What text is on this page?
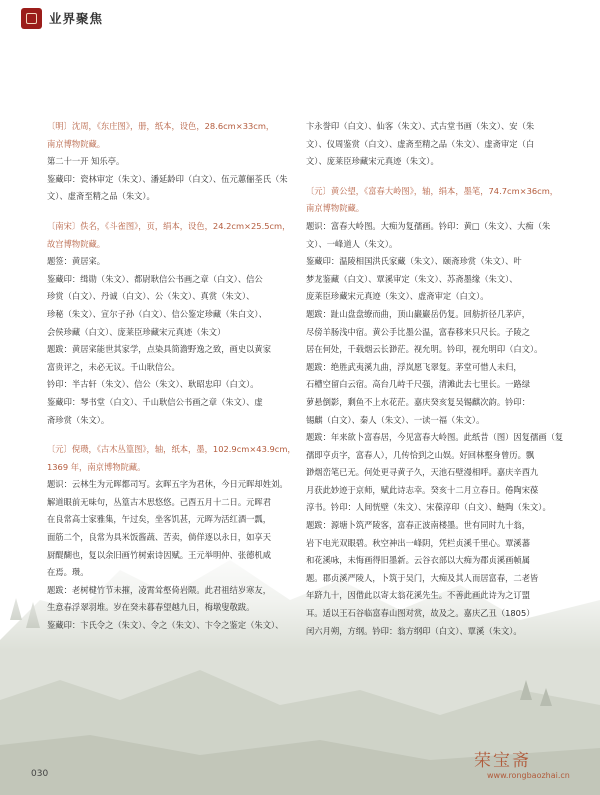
业界聚焦
〔明〕沈周，《东庄图》，册，纸本，设色，28.6cm×33cm，
南京博物院藏。
第二十一开 知乐亭。
鉴藏印：瓷林审定（朱文）、潘延龄印（白文）、伍元蕙俪荃氏（朱
文）、虚斋至精之品（朱文）。
〔南宋〕佚名，《斗雀图》，页，绢本，设色，24.2cm×25.5cm，
故宫博物院藏。
题签：黄居寀。
鉴藏印：缉勋（朱文）、都尉耿信公书画之章（白文）、信公
珍赏（白文）、丹诚（白文）、公（朱文）、真赏（朱文）、
珍秘（朱文）、宣尔子孙（白文）、信公鉴定珍藏（朱白文）、
会侯珍藏（白文）、庞莱臣珍藏宋元真迹（朱文）
题跋：黄居寀能世其家学，点染具简澹野逸之致，画史以黄家
富贵评之，未必无议。千山耿信公。
钤印：半古轩（朱文）、信公（朱文）、耿昭忠印（白文）。
鉴藏印：琴书堂（白文）、千山耿信公书画之章（朱文）、虚
斋珍赏（朱文）。
〔元〕倪瓒，《古木丛篁图》，轴，纸本，墨，102.9cm×43.9cm，
1369 年，南京博物院藏。
题识：云林生为元晖都司写。玄晖五字为君休，今日元晖却姓刘。
解道眼前无味句，丛篁古木思悠悠。己酉五月十二日。元晖君
在良常高士家雅集，午过矣，坐客饥甚，元晖为活红酒一瓢，
面筋二个，良常为具米饭酱蔬、苦卖，倘佯逐以永日，如享天
厨醍醐也，复以余旧画竹树索诗因赋。王元举明仲、张德机咸
在焉。瓒。
题跋：老树楗竹节未摧，凌霄耸壑倚岩隈。此君祖结岁寒友，
生意春浮翠羽堆。岁在癸未暮春望越九日，梅墩叟敬跋。
鉴藏印：卞氏令之（朱文）、令之（朱文）、卞令之鉴定（朱文）、
卞永誉印（白文）、仙客（朱文）、式古堂书画（朱文）、安（朱
文）、仪周鉴赏（白文）、虚斋至精之品（朱文）、虚斋审定（白
文）、庞莱臣珍藏宋元真迹（朱文）。
〔元〕黄公望，《富春大岭图》，轴，绢本，墨笔，74.7cm×36cm，
南京博物院藏。
题识：富春大岭图。大痴为复孺画。钤印：黄□（朱文）、大痴（朱
文）、一峰道人（朱文）。
鉴藏印：温陵相国洪氏家藏（朱文）、颐斋珍赏（朱文）、叶
梦龙鉴藏（白文）、覃溪审定（朱文）、苏斋墨缘（朱文）、
庞莱臣珍藏宋元真迹（朱文）、虚斋审定（白文）。
题跋：趾山盘盘缭而曲，顶山巖巖岳仍复。回舫折径几茅庐，
尽傍羊肠浅中宿。黄公手比墨公温，富春移来只尺长。子陵之
居在何处，千载烟云长渺茫。视允明。钤印，视允明印（白文）。
题跋：绝胜武夷溪九曲，浮岚愿飞翠复。茅堂可惜人未归，
石槽空留白云宿。高台几峙千尺强，清滩此去七里长。一路绿
萝悬倒影，剩鱼不上水花茫。嘉庆癸亥复吴锡麒次韵。钤印：
锡麒（白文）、秦人（朱文）、一读一福（朱文）。
题跋：年来欲卜富春居，今见富春大岭图。此纸昔（图）因复孺画（复
孺即亨贞字，富春人），几传恰到之山娱。好回林壑身曾历。飘
渺烟峦笔已无。何处更寻黄子久，天池石壁漫相呼。嘉庆辛酉九
月获此妙迹于京师，赋此诗志幸。癸亥十二月立春日。倦陶宋葆
淳书。钤印：人间恍壁（朱文）、宋葆淳印（白文）、鲢陶（朱文）。
题跋：源塘卜筑严陵客，富春正波南楼墨。世有同时九十翁，
岩下电光双眼碧。秋空神出一峰阴，凭栏贞溪千里心。覃溪蕃
和花溪咏，未悔画得旧墨新。云谷衣部以大痴为郡贞溪画帧属
题。郡贞溪严陵人，卜筑于吴门，大痴及其人而居富春，二老皆
年跻九十，因借此以寄太翁花溪先生。不善此画此诗为之订盟
耳。适以王石谷临富春山图对赏，故及之。嘉庆乙丑（1805）
闰六月朔，方纲。钤印：翁方纲印（白文）、覃溪（朱文）。
030
荣宝斋
www.rongbaozhai.cn
